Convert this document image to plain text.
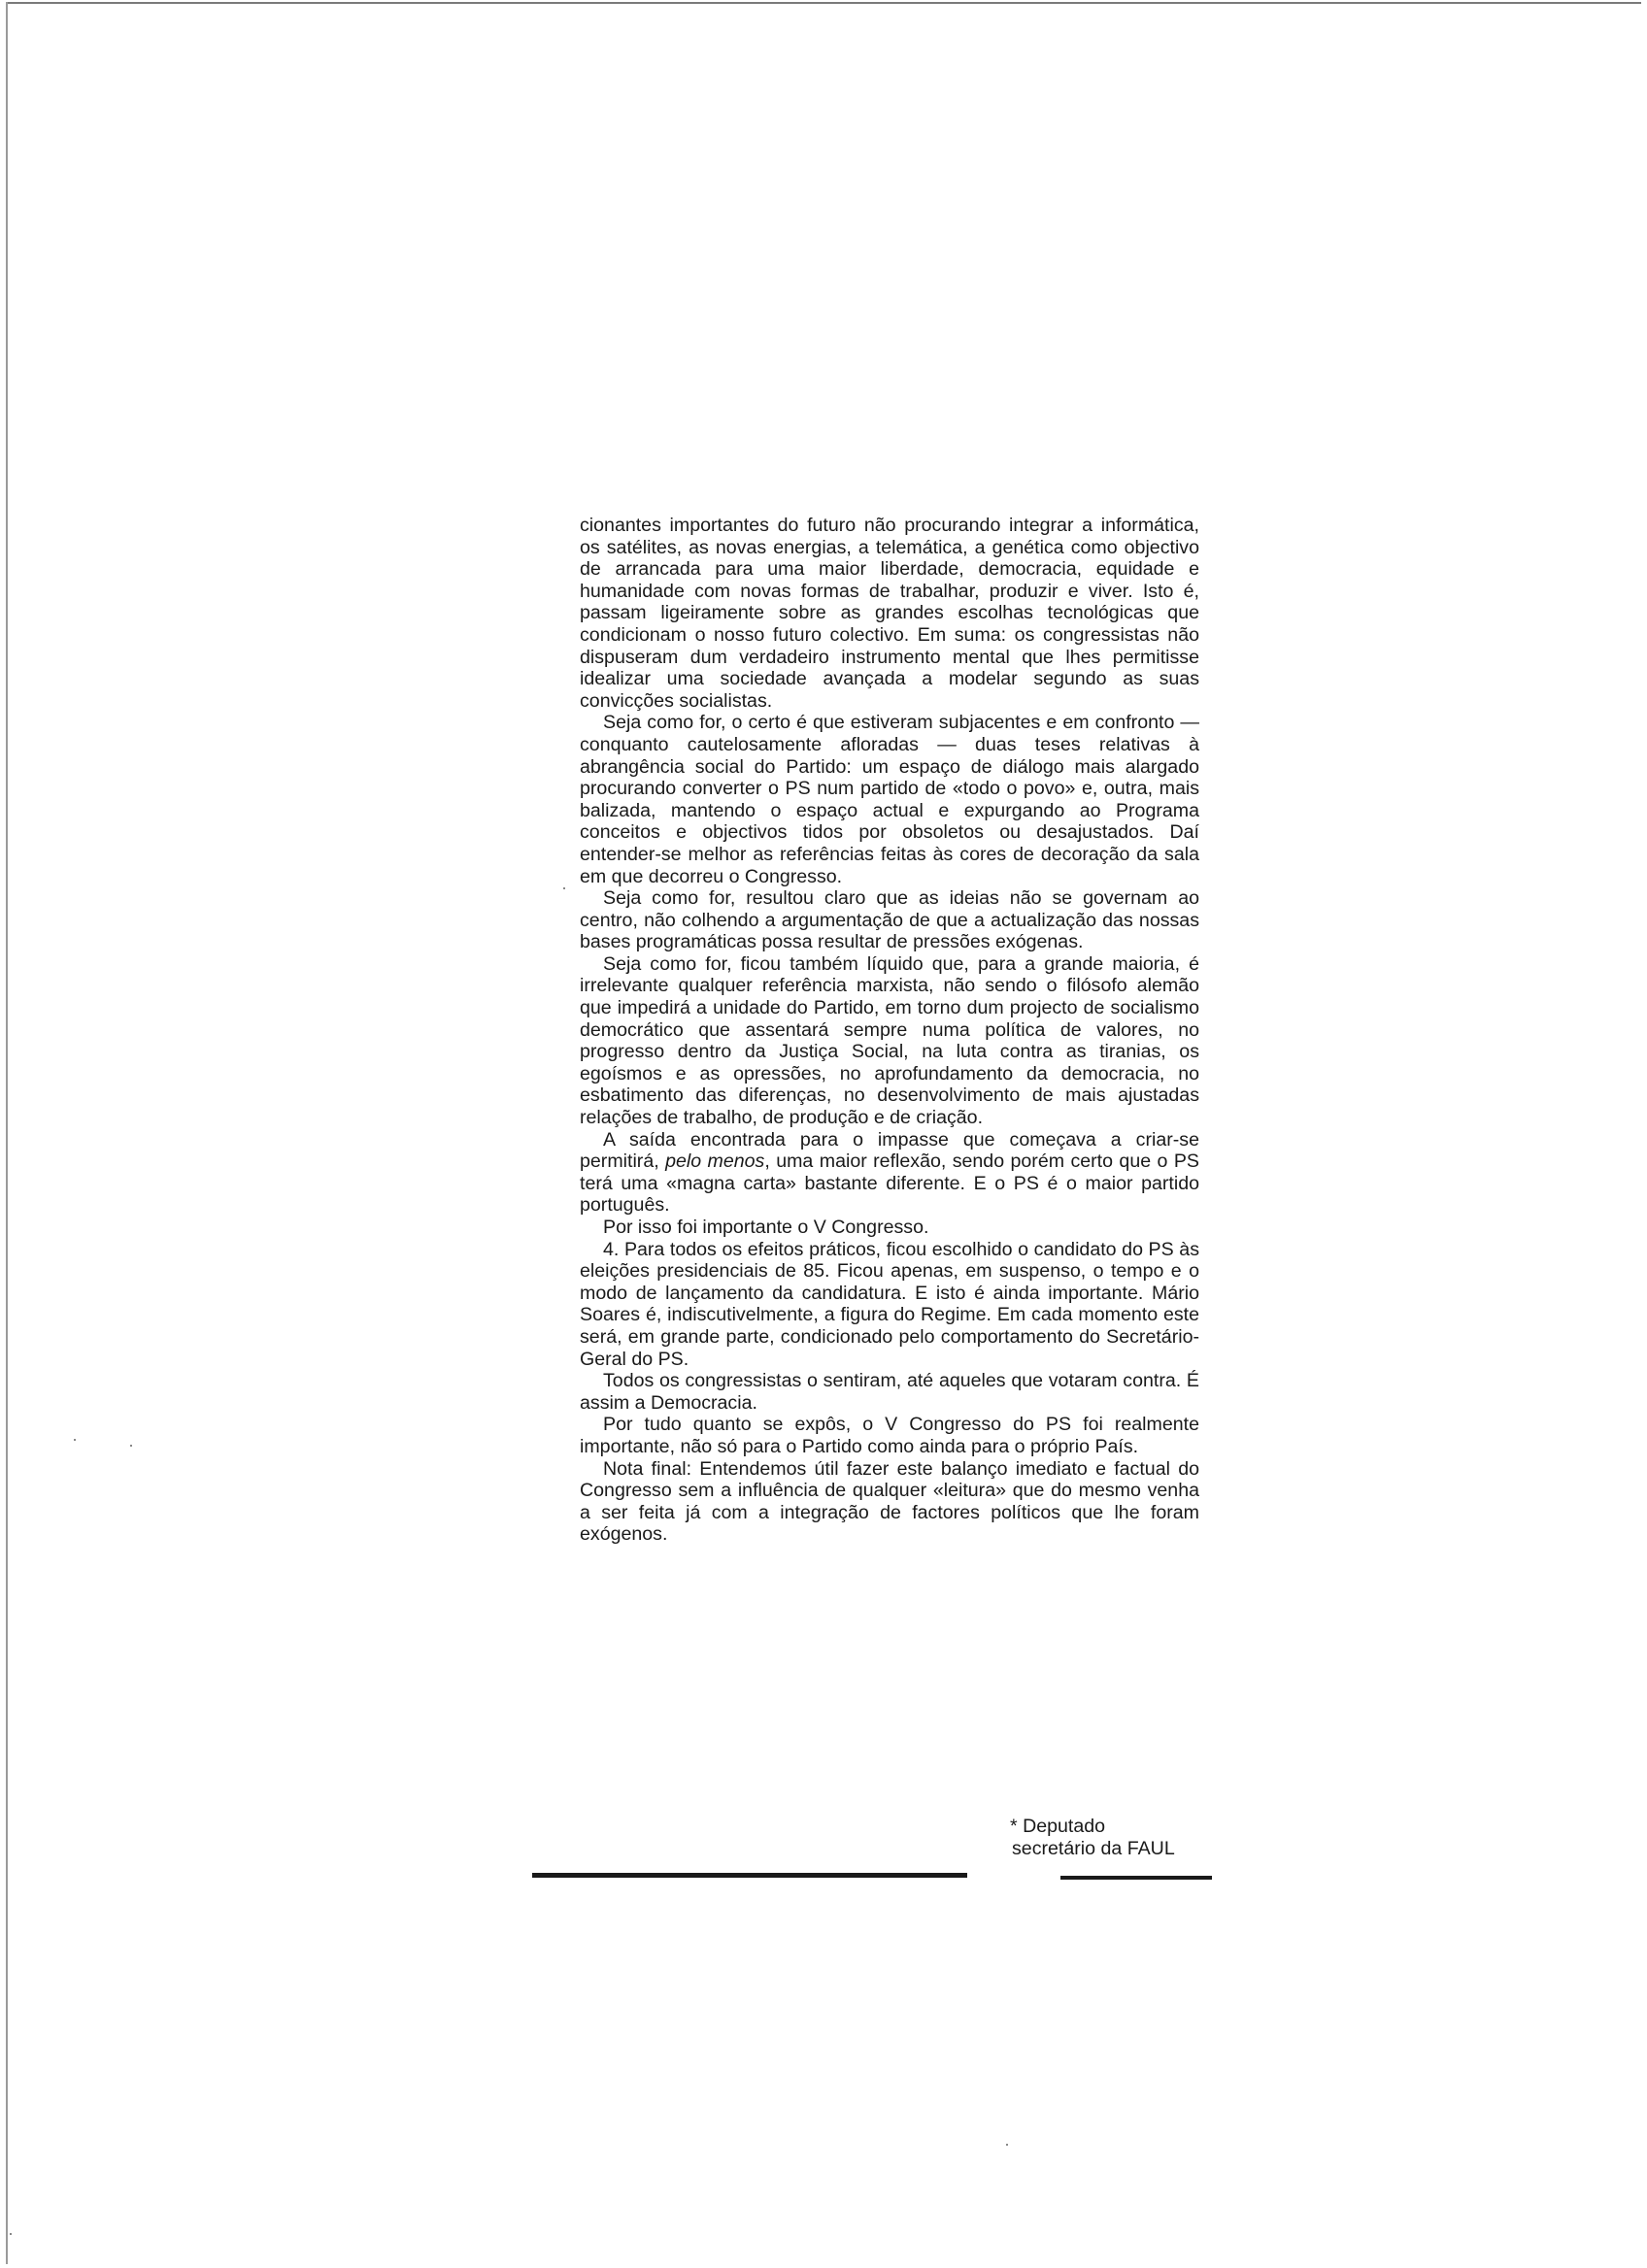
cionantes importantes do futuro não procurando integrar a informática, os satélites, as novas energias, a telemática, a genética como objectivo de arrancada para uma maior liberdade, democracia, equidade e humanidade com novas formas de trabalhar, produzir e viver. Isto é, passam ligeiramente sobre as grandes escolhas tecnológicas que condicionam o nosso futuro colectivo. Em suma: os congressistas não dispuseram dum verdadeiro instrumento mental que lhes permitisse idealizar uma sociedade avançada a modelar segundo as suas convicções socialistas.

Seja como for, o certo é que estiveram subjacentes e em confronto — conquanto cautelosamente afloradas — duas teses relativas à abrangência social do Partido: um espaço de diálogo mais alargado procurando converter o PS num partido de «todo o povo» e, outra, mais balizada, mantendo o espaço actual e expurgando ao Programa conceitos e objectivos tidos por obsoletos ou desajustados. Daí entender-se melhor as referências feitas às cores de decoração da sala em que decorreu o Congresso.

Seja como for, resultou claro que as ideias não se governam ao centro, não colhendo a argumentação de que a actualização das nossas bases programáticas possa resultar de pressões exógenas.

Seja como for, ficou também líquido que, para a grande maioria, é irrelevante qualquer referência marxista, não sendo o filósofo alemão que impedirá a unidade do Partido, em torno dum projecto de socialismo democrático que assentará sempre numa política de valores, no progresso dentro da Justiça Social, na luta contra as tiranias, os egoísmos e as opressões, no aprofundamento da democracia, no esbatimento das diferenças, no desenvolvimento de mais ajustadas relações de trabalho, de produção e de criação.

A saída encontrada para o impasse que começava a criar-se permitirá, pelo menos, uma maior reflexão, sendo porém certo que o PS terá uma «magna carta» bastante diferente. E o PS é o maior partido português.

Por isso foi importante o V Congresso.

4. Para todos os efeitos práticos, ficou escolhido o candidato do PS às eleições presidenciais de 85. Ficou apenas, em suspenso, o tempo e o modo de lançamento da candidatura. E isto é ainda importante. Mário Soares é, indiscutivelmente, a figura do Regime. Em cada momento este será, em grande parte, condicionado pelo comportamento do Secretário-Geral do PS.

Todos os congressistas o sentiram, até aqueles que votaram contra. É assim a Democracia.

Por tudo quanto se expôs, o V Congresso do PS foi realmente importante, não só para o Partido como ainda para o próprio País.

Nota final: Entendemos útil fazer este balanço imediato e factual do Congresso sem a influência de qualquer «leitura» que do mesmo venha a ser feita já com a integração de factores políticos que lhe foram exógenos.

* Deputado
secretário da FAUL
